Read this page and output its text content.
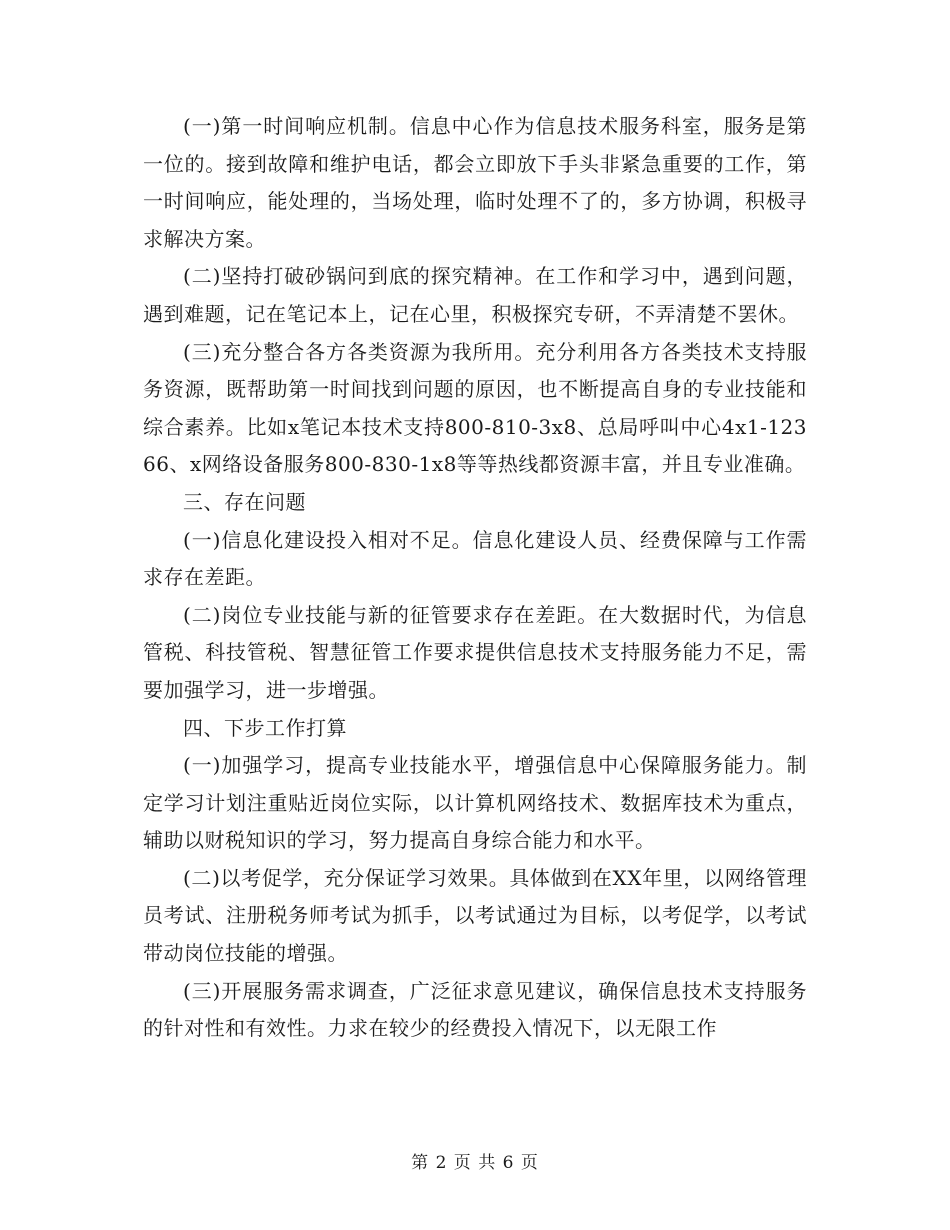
(一)第一时间响应机制。信息中心作为信息技术服务科室，服务是第一位的。接到故障和维护电话，都会立即放下手头非紧急重要的工作，第一时间响应，能处理的，当场处理，临时处理不了的，多方协调，积极寻求解决方案。

(二)坚持打破砂锅问到底的探究精神。在工作和学习中，遇到问题，遇到难题，记在笔记本上，记在心里，积极探究专研，不弄清楚不罢休。

(三)充分整合各方各类资源为我所用。充分利用各方各类技术支持服务资源，既帮助第一时间找到问题的原因，也不断提高自身的专业技能和综合素养。比如x笔记本技术支持800-810-3x8、总局呼叫中心4x1-12366、x网络设备服务800-830-1x8等等热线都资源丰富，并且专业准确。

三、存在问题

(一)信息化建设投入相对不足。信息化建设人员、经费保障与工作需求存在差距。

(二)岗位专业技能与新的征管要求存在差距。在大数据时代，为信息管税、科技管税、智慧征管工作要求提供信息技术支持服务能力不足，需要加强学习，进一步增强。

四、下步工作打算

(一)加强学习，提高专业技能水平，增强信息中心保障服务能力。制定学习计划注重贴近岗位实际，以计算机网络技术、数据库技术为重点，辅助以财税知识的学习，努力提高自身综合能力和水平。

(二)以考促学，充分保证学习效果。具体做到在XX年里，以网络管理员考试、注册税务师考试为抓手，以考试通过为目标，以考促学，以考试带动岗位技能的增强。

(三)开展服务需求调查，广泛征求意见建议，确保信息技术支持服务的针对性和有效性。力求在较少的经费投入情况下，以无限工作

第 2 页 共 6 页
